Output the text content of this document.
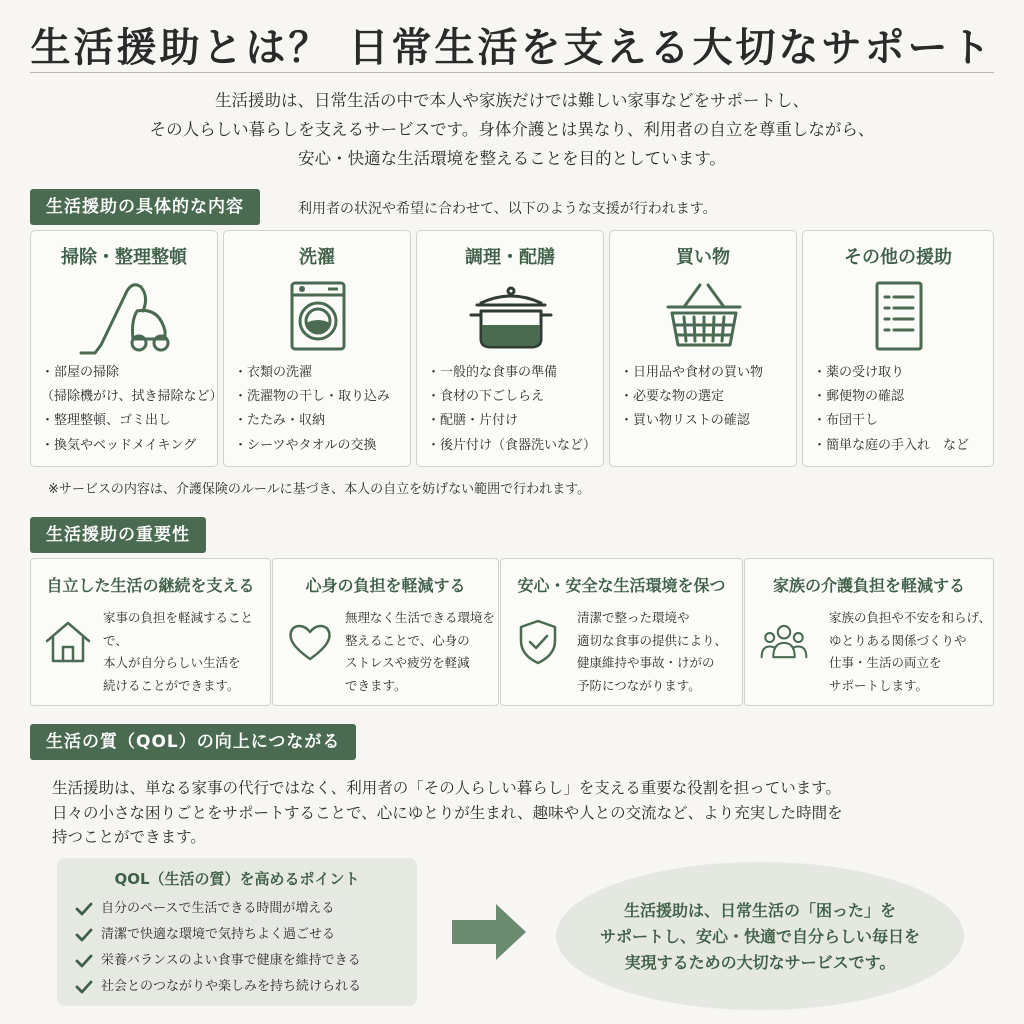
生活援助とは？ 日常生活を支える大切なサポート
生活援助は、日常生活の中で本人や家族だけでは難しい家事などをサポートし、
その人らしい暮らしを支えるサービスです。身体介護とは異なり、利用者の自立を尊重しながら、
安心・快適な生活環境を整えることを目的としています。
生活援助の具体的な内容	利用者の状況や希望に合わせて、以下のような支援が行われます。
掃除・整理整頓
・部屋の掃除
（掃除機がけ、拭き掃除など）
・整理整頓、ゴミ出し
・換気やベッドメイキング
洗濯
・衣類の洗濯
・洗濯物の干し・取り込み
・たたみ・収納
・シーツやタオルの交換
調理・配膳
・一般的な食事の準備
・食材の下ごしらえ
・配膳・片付け
・後片付け（食器洗いなど）
買い物
・日用品や食材の買い物
・必要な物の選定
・買い物リストの確認
その他の援助
・薬の受け取り
・郵便物の確認
・布団干し
・簡単な庭の手入れ　など
※サービスの内容は、介護保険のルールに基づき、本人の自立を妨げない範囲で行われます。
生活援助の重要性
自立した生活の継続を支える
家事の負担を軽減することで、
本人が自分らしい生活を
続けることができます。
心身の負担を軽減する
無理なく生活できる環境を
整えることで、心身の
ストレスや疲労を軽減
できます。
安心・安全な生活環境を保つ
清潔で整った環境や
適切な食事の提供により、
健康維持や事故・けがの
予防につながります。
家族の介護負担を軽減する
家族の負担や不安を和らげ、
ゆとりある関係づくりや
仕事・生活の両立を
サポートします。
生活の質（QOL）の向上につながる
生活援助は、単なる家事の代行ではなく、利用者の「その人らしい暮らし」を支える重要な役割を担っています。
日々の小さな困りごとをサポートすることで、心にゆとりが生まれ、趣味や人との交流など、より充実した時間を
持つことができます。
QOL（生活の質）を高めるポイント
自分のペースで生活できる時間が増える
清潔で快適な環境で気持ちよく過ごせる
栄養バランスのよい食事で健康を維持できる
社会とのつながりや楽しみを持ち続けられる
生活援助は、日常生活の「困った」を
サポートし、安心・快適で自分らしい毎日を
実現するための大切なサービスです。
